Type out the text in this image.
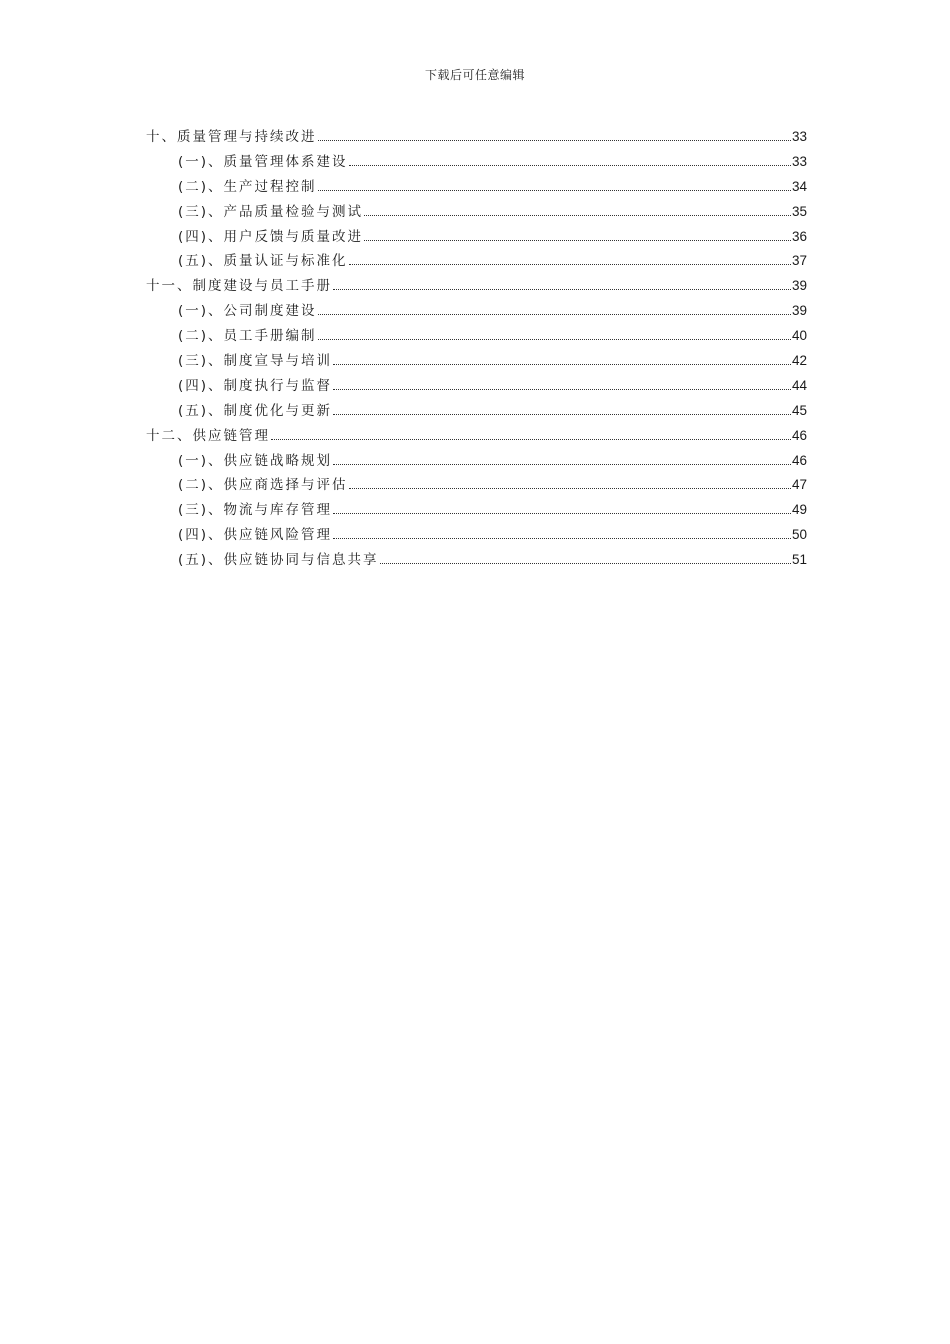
下载后可任意编辑
十、质量管理与持续改进	33
(一)、质量管理体系建设	33
(二)、生产过程控制	34
(三)、产品质量检验与测试	35
(四)、用户反馈与质量改进	36
(五)、质量认证与标准化	37
十一、制度建设与员工手册	39
(一)、公司制度建设	39
(二)、员工手册编制	40
(三)、制度宣导与培训	42
(四)、制度执行与监督	44
(五)、制度优化与更新	45
十二、供应链管理	46
(一)、供应链战略规划	46
(二)、供应商选择与评估	47
(三)、物流与库存管理	49
(四)、供应链风险管理	50
(五)、供应链协同与信息共享	51
